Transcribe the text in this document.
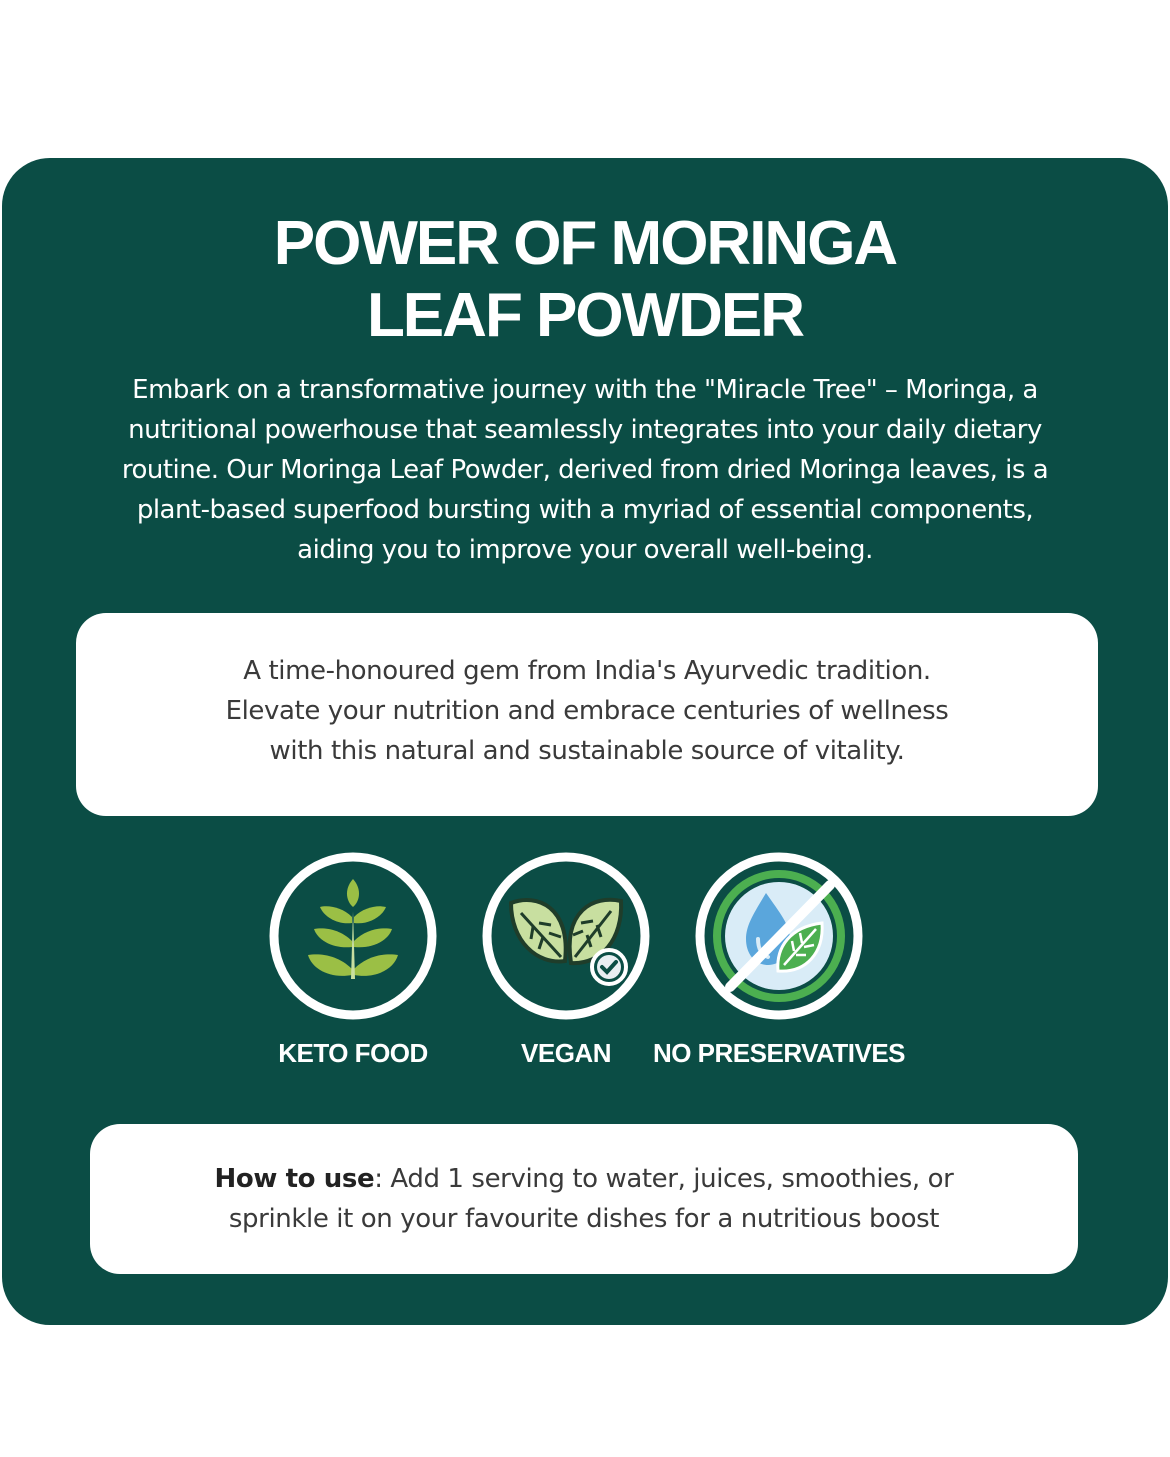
POWER OF MORINGA
LEAF POWDER
Embark on a transformative journey with the "Miracle Tree" – Moringa, a
nutritional powerhouse that seamlessly integrates into your daily dietary
routine. Our Moringa Leaf Powder, derived from dried Moringa leaves, is a
plant-based superfood bursting with a myriad of essential components,
aiding you to improve your overall well-being.
A time-honoured gem from India's Ayurvedic tradition.
Elevate your nutrition and embrace centuries of wellness
with this natural and sustainable source of vitality.
KETO FOOD	VEGAN	NO PRESERVATIVES
How to use: Add 1 serving to water, juices, smoothies, or
sprinkle it on your favourite dishes for a nutritious boost
